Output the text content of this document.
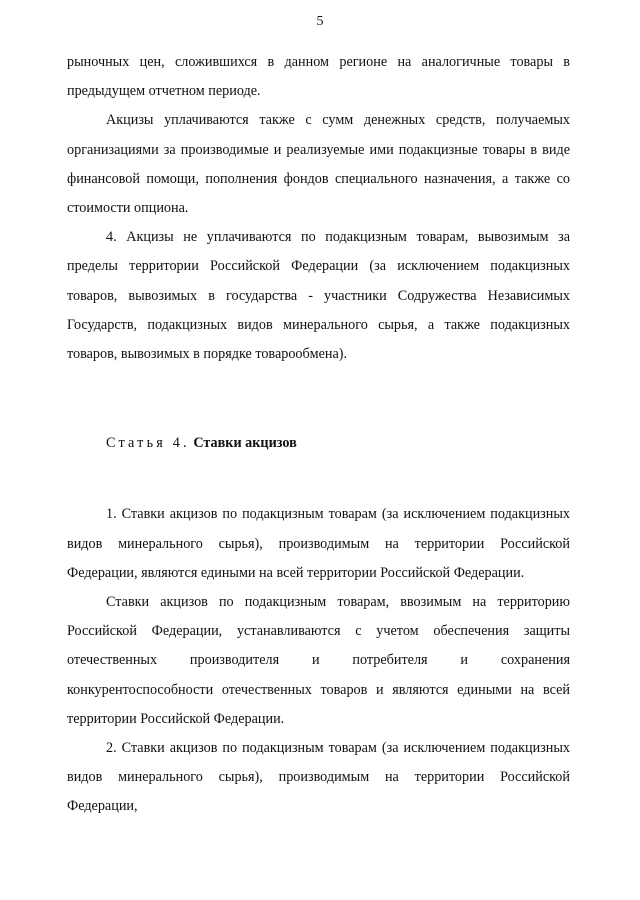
5

рыночных цен, сложившихся в данном регионе на аналогичные товары в предыдущем отчетном периоде.

Акцизы уплачиваются также с сумм денежных средств, получаемых организациями за производимые и реализуемые ими подакцизные товары в виде финансовой помощи, пополнения фондов специального назначения, а также со стоимости опциона.

4. Акцизы не уплачиваются по подакцизным товарам, вывозимым за пределы территории Российской Федерации (за исключением подакцизных товаров, вывозимых в государства - участники Содружества Независимых Государств, подакцизных видов минерального сырья, а также подакцизных товаров, вывозимых в порядке товарообмена).

Статья 4. Ставки акцизов

1. Ставки акцизов по подакцизным товарам (за исключением подакцизных видов минерального сырья), производимым на территории Российской Федерации, являются едиными на всей территории Российской Федерации.

Ставки акцизов по подакцизным товарам, ввозимым на территорию Российской Федерации, устанавливаются с учетом обеспечения защиты отечественных производителя и потребителя и сохранения конкурентоспособности отечественных товаров и являются едиными на всей территории Российской Федерации.

2. Ставки акцизов по подакцизным товарам (за исключением подакцизных видов минерального сырья), производимым на территории Российской Федерации,
